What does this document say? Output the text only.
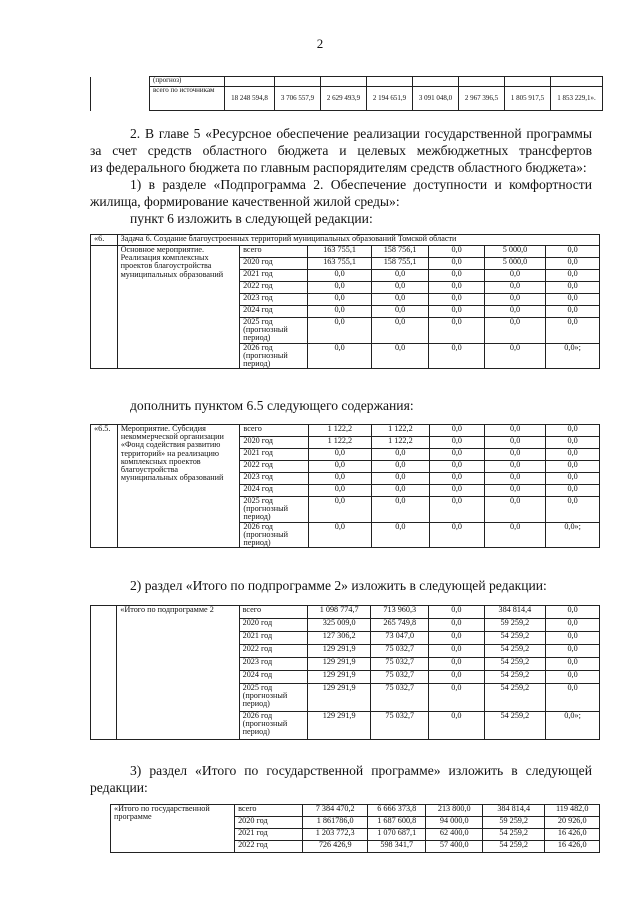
2
	(прогноз)								
	всего по источникам	18 248 594,8	3 706 557,9	2 629 493,9	2 194 651,9	3 091 048,0	2 967 396,5	1 805 917,5	1 853 229,1».
2. В главе 5 «Ресурсное обеспечение реализации государственной программы
за счет средств областного бюджета и целевых межбюджетных трансфертов
из федерального бюджета по главным распорядителям средств областного бюджета»:
1) в разделе «Подпрограмма 2. Обеспечение доступности и комфортности
жилища, формирование качественной жилой среды»:
пункт 6 изложить в следующей редакции:
«6.	Задача 6. Создание благоустроенных территорий муниципальных образований Томской области						
	Основное мероприятие. Реализация комплексных проектов благоустройства муниципальных образований	всего	163 755,1	158 756,1	0,0	5 000,0	0,0
		2020 год	163 755,1	158 755,1	0,0	5 000,0	0,0
		2021 год	0,0	0,0	0,0	0,0	0,0
		2022 год	0,0	0,0	0,0	0,0	0,0
		2023 год	0,0	0,0	0,0	0,0	0,0
		2024 год	0,0	0,0	0,0	0,0	0,0
		2025 год (прогнозный период)	0,0	0,0	0,0	0,0	0,0
		2026 год (прогнозный период)	0,0	0,0	0,0	0,0	0,0»;
дополнить пунктом 6.5 следующего содержания:
«6.5.	Мероприятие. Субсидия некоммерческой организации «Фонд содействия развитию территорий» на реализацию комплексных проектов благоустройства муниципальных образований	всего	1 122,2	1 122,2	0,0	0,0	0,0
		2020 год	1 122,2	1 122,2	0,0	0,0	0,0
		2021 год	0,0	0,0	0,0	0,0	0,0
		2022 год	0,0	0,0	0,0	0,0	0,0
		2023 год	0,0	0,0	0,0	0,0	0,0
		2024 год	0,0	0,0	0,0	0,0	0,0
		2025 год (прогнозный период)	0,0	0,0	0,0	0,0	0,0
		2026 год (прогнозный период)	0,0	0,0	0,0	0,0	0,0»;
2) раздел «Итого по подпрограмме 2» изложить в следующей редакции:
	«Итого по подпрограмме 2	всего	1 098 774,7	713 960,3	0,0	384 814,4	0,0
		2020 год	325 009,0	265 749,8	0,0	59 259,2	0,0
		2021 год	127 306,2	73 047,0	0,0	54 259,2	0,0
		2022 год	129 291,9	75 032,7	0,0	54 259,2	0,0
		2023 год	129 291,9	75 032,7	0,0	54 259,2	0,0
		2024 год	129 291,9	75 032,7	0,0	54 259,2	0,0
		2025 год (прогнозный период)	129 291,9	75 032,7	0,0	54 259,2	0,0
		2026 год (прогнозный период)	129 291,9	75 032,7	0,0	54 259,2	0,0»;
3) раздел «Итого по государственной программе» изложить в следующей
редакции:
«Итого по государственной программе	всего	7 384 470,2	6 666 373,8	213 800,0	384 814,4	119 482,0
	2020 год	1 861786,0	1 687 600,8	94 000,0	59 259,2	20 926,0
	2021 год	1 203 772,3	1 070 687,1	62 400,0	54 259,2	16 426,0
	2022 год	726 426,9	598 341,7	57 400,0	54 259,2	16 426,0
